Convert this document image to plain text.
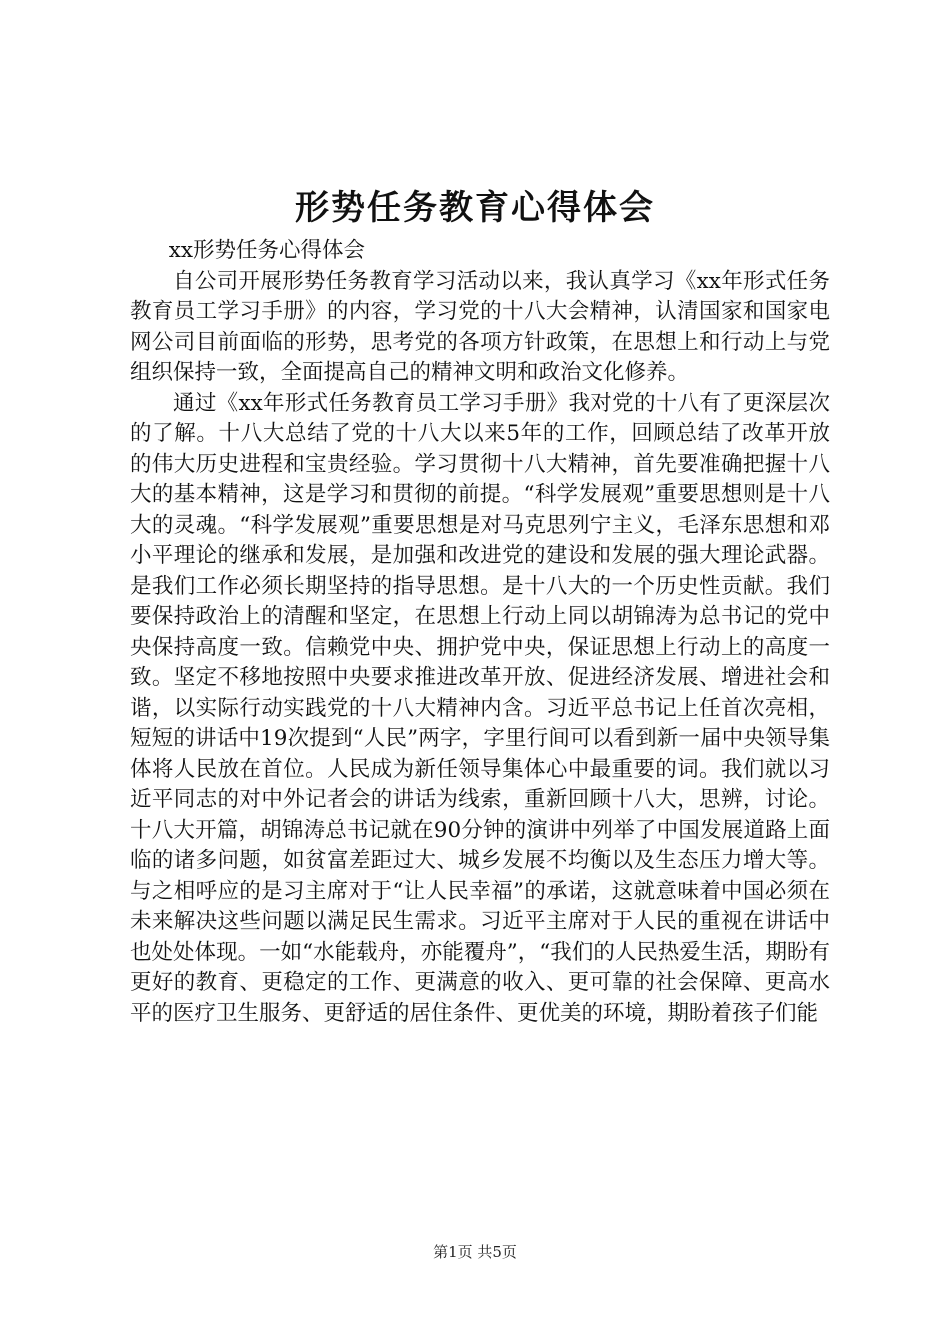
形势任务教育心得体会

xx形势任务心得体会

自公司开展形势任务教育学习活动以来，我认真学习《xx年形式任务教育员工学习手册》的内容，学习党的十八大会精神，认清国家和国家电网公司目前面临的形势，思考党的各项方针政策，在思想上和行动上与党组织保持一致，全面提高自己的精神文明和政治文化修养。

通过《xx年形式任务教育员工学习手册》我对党的十八有了更深层次的了解。十八大总结了党的十八大以来5年的工作，回顾总结了改革开放的伟大历史进程和宝贵经验。学习贯彻十八大精神，首先要准确把握十八大的基本精神，这是学习和贯彻的前提。“科学发展观”重要思想则是十八大的灵魂。“科学发展观”重要思想是对马克思列宁主义，毛泽东思想和邓小平理论的继承和发展，是加强和改进党的建设和发展的强大理论武器。是我们工作必须长期坚持的指导思想。是十八大的一个历史性贡献。我们要保持政治上的清醒和坚定，在思想上行动上同以胡锦涛为总书记的党中央保持高度一致。信赖党中央、拥护党中央，保证思想上行动上的高度一致。坚定不移地按照中央要求推进改革开放、促进经济发展、增进社会和谐，以实际行动实践党的十八大精神内含。习近平总书记上任首次亮相，短短的讲话中19次提到“人民”两字，字里行间可以看到新一届中央领导集体将人民放在首位。人民成为新任领导集体心中最重要的词。我们就以习近平同志的对中外记者会的讲话为线索，重新回顾十八大，思辨，讨论。十八大开篇，胡锦涛总书记就在90分钟的演讲中列举了中国发展道路上面临的诸多问题，如贫富差距过大、城乡发展不均衡以及生态压力增大等。与之相呼应的是习主席对于“让人民幸福”的承诺，这就意味着中国必须在未来解决这些问题以满足民生需求。习近平主席对于人民的重视在讲话中也处处体现。一如“水能载舟，亦能覆舟”，“我们的人民热爱生活，期盼有更好的教育、更稳定的工作、更满意的收入、更可靠的社会保障、更高水平的医疗卫生服务、更舒适的居住条件、更优美的环境，期盼着孩子们能

第1页 共5页
